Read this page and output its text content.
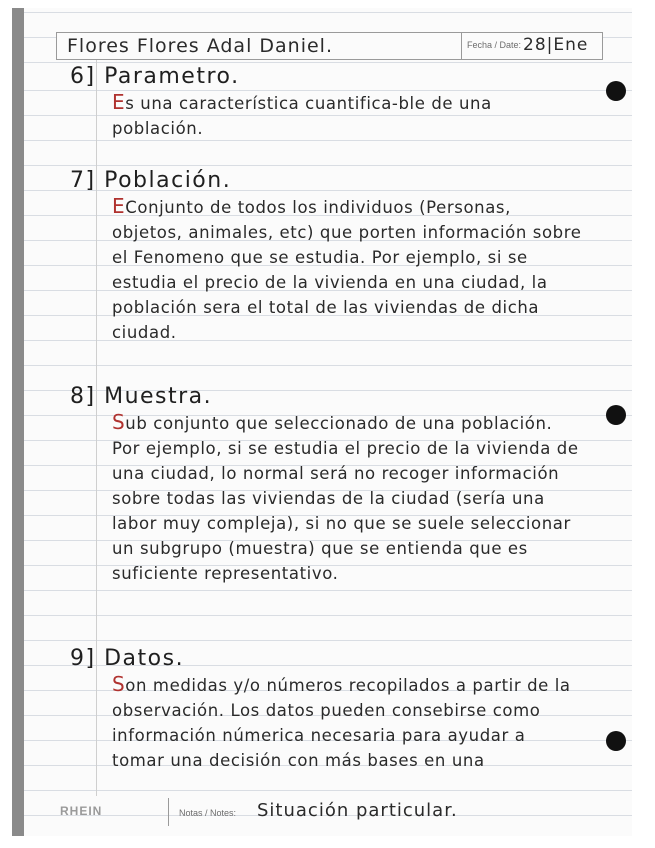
Flores Flores Adal Daniel.	Fecha / Date: 28|Ene
6] Parametro.
Es una característica cuantifica-ble de una población.
7] Población.
EConjunto de todos los individuos (Personas, objetos, animales, etc) que porten información sobre el Fenomeno que se estudia. Por ejemplo, si se estudia el precio de la vivienda en una ciudad, la población sera el total de las viviendas de dicha ciudad.
8] Muestra.
Sub conjunto que seleccionado de una población. Por ejemplo, si se estudia el precio de la vivienda de una ciudad, lo normal será no recoger información sobre todas las viviendas de la ciudad (sería una labor muy compleja), si no que se suele seleccionar un subgrupo (muestra) que se entienda que es suficiente representativo.
9] Datos.
Son medidas y/o números recopilados a partir de la observación. Los datos pueden consebirse como información númerica necesaria para ayudar a tomar una decisión con más bases en una
RHEIN	Notas / Notes: Situación particular.
